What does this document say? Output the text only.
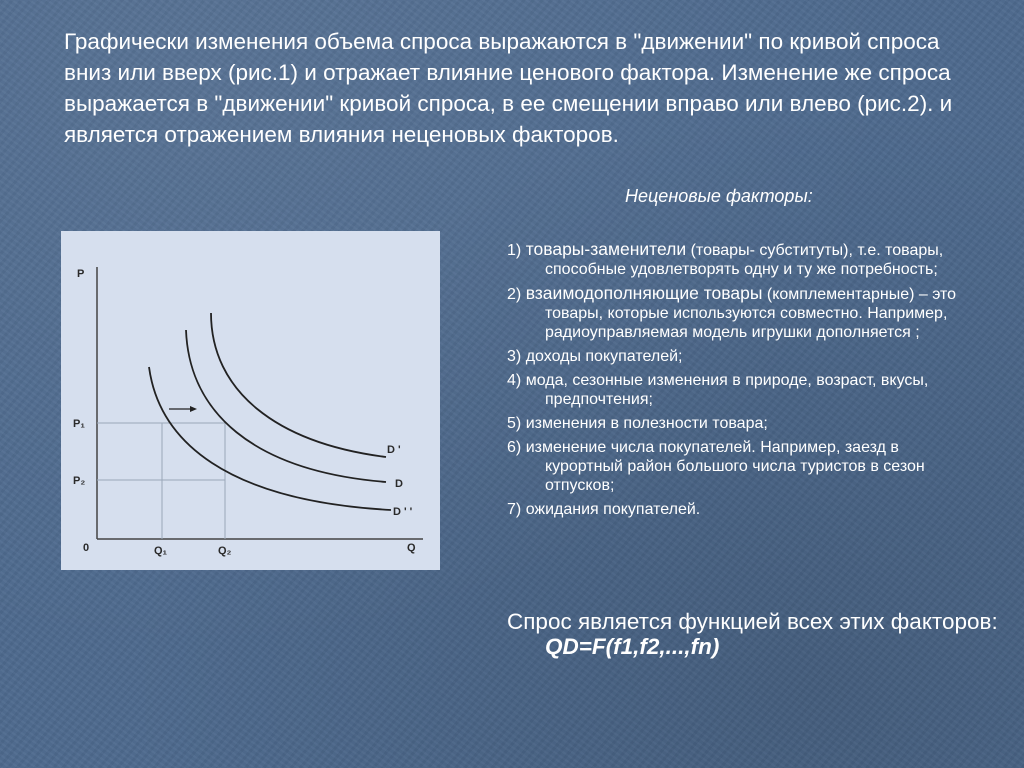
Графически изменения объема спроса выражаются в "движении" по кривой спроса вниз или вверх (рис.1) и отражает влияние ценового фактора. Изменение же спроса выражается в "движении" кривой спроса, в ее смещении вправо или влево (рис.2). и является отражением влияния неценовых факторов.

Неценовые факторы:

P
Q
0
P₁
P₂
Q₁	Q₂
D '
D
D ' '
1) товары-заменители (товары- субституты), т.е. товары, способные удовлетворять одну и ту же потребность;
2) взаимодополняющие товары (комплементарные) – это товары, которые используются совместно. Например, радиоуправляемая модель игрушки дополняется ;
3) доходы покупателей;
4) мода, сезонные изменения в природе, возраст, вкусы, предпочтения;
5) изменения в полезности товара;
6) изменение числа покупателей. Например, заезд в курортный район большого числа туристов в сезон отпусков;
7) ожидания покупателей.

Спрос является функцией всех этих факторов: QD=F(f1,f2,...,fn)
